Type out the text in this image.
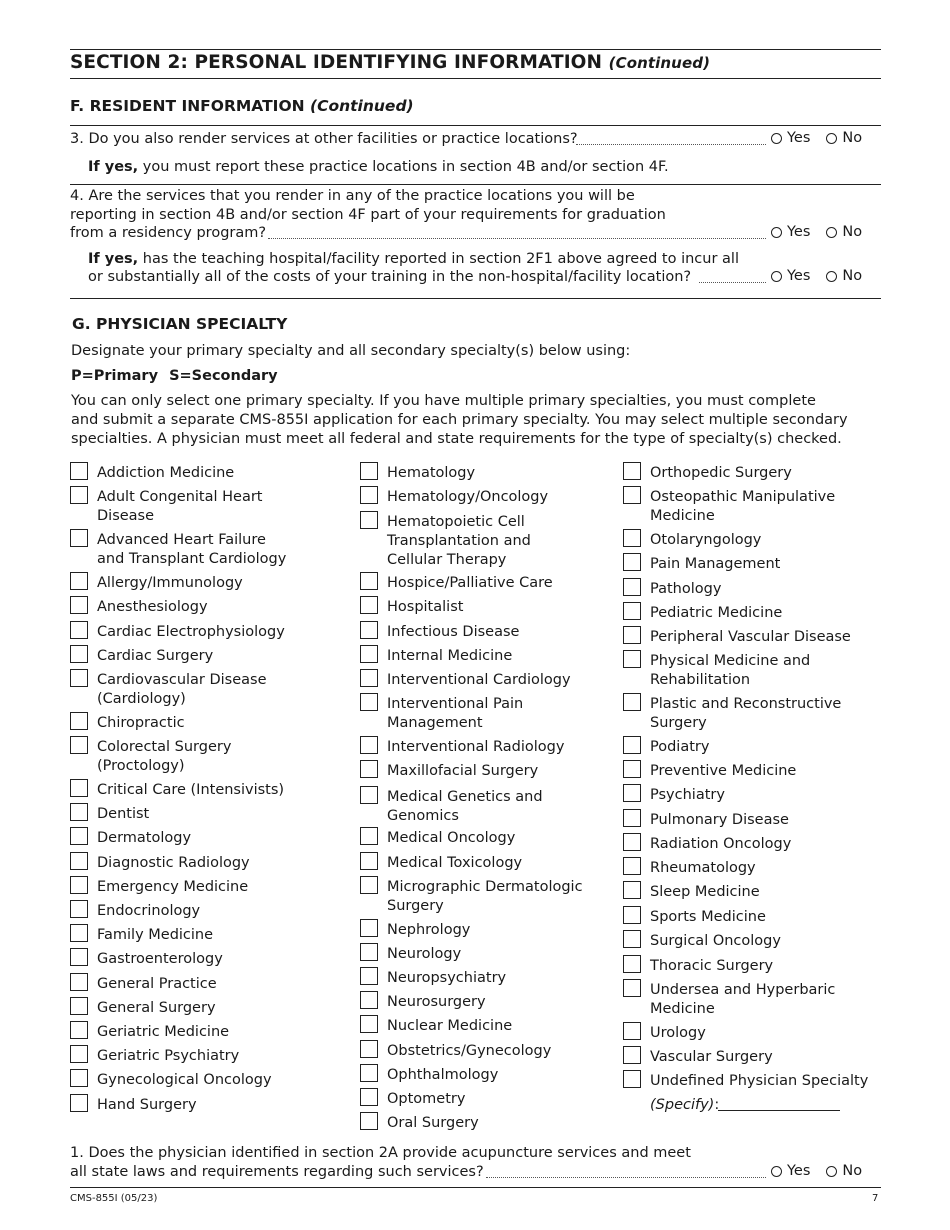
SECTION 2: PERSONAL IDENTIFYING INFORMATION (Continued)
F. RESIDENT INFORMATION (Continued)
3. Do you also render services at other facilities or practice locations?	Yes No
If yes, you must report these practice locations in section 4B and/or section 4F.
4. Are the services that you render in any of the practice locations you will be
reporting in section 4B and/or section 4F part of your requirements for graduation
from a residency program?	Yes No
If yes, has the teaching hospital/facility reported in section 2F1 above agreed to incur all
or substantially all of the costs of your training in the non-hospital/facility location?	Yes No
G. PHYSICIAN SPECIALTY
Designate your primary specialty and all secondary specialty(s) below using:
P=Primary S=Secondary
You can only select one primary specialty. If you have multiple primary specialties, you must complete
and submit a separate CMS-855I application for each primary specialty. You may select multiple secondary
specialties. A physician must meet all federal and state requirements for the type of specialty(s) checked.
Addiction Medicine
Adult Congenital Heart
Disease
Advanced Heart Failure
and Transplant Cardiology
Allergy/Immunology
Anesthesiology
Cardiac Electrophysiology
Cardiac Surgery
Cardiovascular Disease
(Cardiology)
Chiropractic
Colorectal Surgery
(Proctology)
Critical Care (Intensivists)
Dentist
Dermatology
Diagnostic Radiology
Emergency Medicine
Endocrinology
Family Medicine
Gastroenterology
General Practice
General Surgery
Geriatric Medicine
Geriatric Psychiatry
Gynecological Oncology
Hand Surgery
Hematology
Hematology/Oncology
Hematopoietic Cell
Transplantation and
Cellular Therapy
Hospice/Palliative Care
Hospitalist
Infectious Disease
Internal Medicine
Interventional Cardiology
Interventional Pain
Management
Interventional Radiology
Maxillofacial Surgery
Medical Genetics and
Genomics
Medical Oncology
Medical Toxicology
Micrographic Dermatologic
Surgery
Nephrology
Neurology
Neuropsychiatry
Neurosurgery
Nuclear Medicine
Obstetrics/Gynecology
Ophthalmology
Optometry
Oral Surgery
Orthopedic Surgery
Osteopathic Manipulative
Medicine
Otolaryngology
Pain Management
Pathology
Pediatric Medicine
Peripheral Vascular Disease
Physical Medicine and
Rehabilitation
Plastic and Reconstructive
Surgery
Podiatry
Preventive Medicine
Psychiatry
Pulmonary Disease
Radiation Oncology
Rheumatology
Sleep Medicine
Sports Medicine
Surgical Oncology
Thoracic Surgery
Undersea and Hyperbaric
Medicine
Urology
Vascular Surgery
Undefined Physician Specialty
(Specify):
1. Does the physician identified in section 2A provide acupuncture services and meet
all state laws and requirements regarding such services?	Yes No
CMS-855I (05/23)	7
